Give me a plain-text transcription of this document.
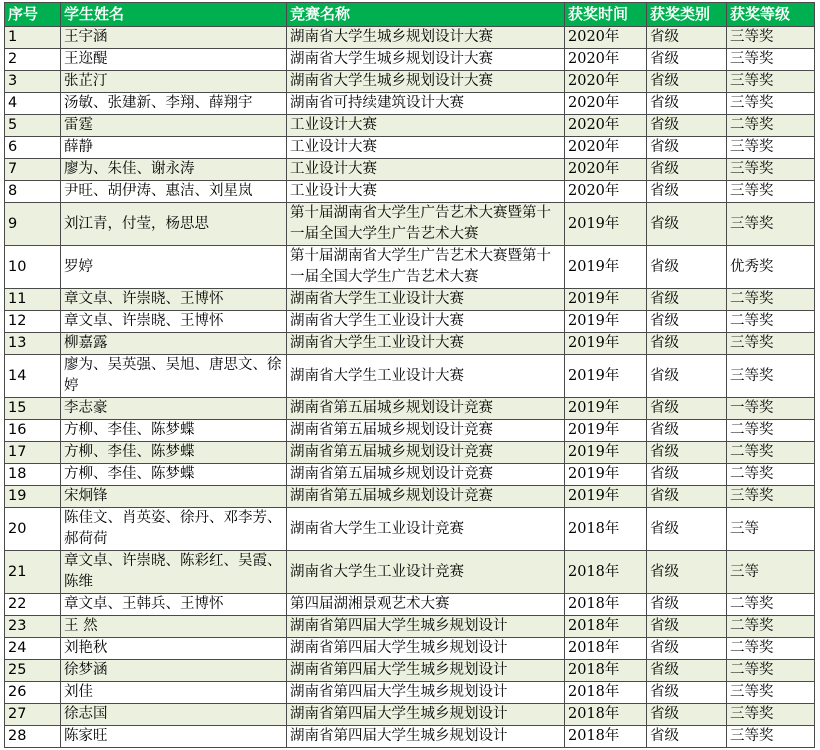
序号	学生姓名	竞赛名称	获奖时间	获奖类别	获奖等级
1	王宇涵	湖南省大学生城乡规划设计大赛	2020年	省级	三等奖
2	王迩醍	湖南省大学生城乡规划设计大赛	2020年	省级	三等奖
3	张芷汀	湖南省大学生城乡规划设计大赛	2020年	省级	三等奖
4	汤敏、张建新、李翔、薛翔宇	湖南省可持续建筑设计大赛	2020年	省级	三等奖
5	雷霆	工业设计大赛	2020年	省级	二等奖
6	薛静	工业设计大赛	2020年	省级	三等奖
7	廖为、朱佳、谢永涛	工业设计大赛	2020年	省级	三等奖
8	尹旺、胡伊涛、惠洁、刘星岚	工业设计大赛	2020年	省级	三等奖
9	刘江青，付莹，杨思思	第十届湖南省大学生广告艺术大赛暨第十一届全国大学生广告艺术大赛	2019年	省级	三等奖
10	罗婷	第十届湖南省大学生广告艺术大赛暨第十一届全国大学生广告艺术大赛	2019年	省级	优秀奖
11	章文卓、许崇晓、王博怀	湖南省大学生工业设计大赛	2019年	省级	二等奖
12	章文卓、许崇晓、王博怀	湖南省大学生工业设计大赛	2019年	省级	二等奖
13	柳嘉露	湖南省大学生工业设计大赛	2019年	省级	三等奖
14	廖为、吴英强、吴旭、唐思文、徐婷	湖南省大学生工业设计大赛	2019年	省级	三等奖
15	李志豪	湖南省第五届城乡规划设计竞赛	2019年	省级	一等奖
16	方柳、李佳、陈梦蝶	湖南省第五届城乡规划设计竞赛	2019年	省级	二等奖
17	方柳、李佳、陈梦蝶	湖南省第五届城乡规划设计竞赛	2019年	省级	二等奖
18	方柳、李佳、陈梦蝶	湖南省第五届城乡规划设计竞赛	2019年	省级	二等奖
19	宋炯锋	湖南省第五届城乡规划设计竞赛	2019年	省级	三等奖
20	陈佳文、肖英姿、徐丹、邓李芳、郝荷荷	湖南省大学生工业设计竞赛	2018年	省级	三等
21	章文卓、许崇晓、陈彩红、吴霞、陈维	湖南省大学生工业设计竞赛	2018年	省级	三等
22	章文卓、王韩兵、王博怀	第四届湖湘景观艺术大赛	2018年	省级	二等奖
23	王 然	湖南省第四届大学生城乡规划设计	2018年	省级	二等奖
24	刘艳秋	湖南省第四届大学生城乡规划设计	2018年	省级	二等奖
25	徐梦涵	湖南省第四届大学生城乡规划设计	2018年	省级	二等奖
26	刘佳	湖南省第四届大学生城乡规划设计	2018年	省级	三等奖
27	徐志国	湖南省第四届大学生城乡规划设计	2018年	省级	三等奖
28	陈家旺	湖南省第四届大学生城乡规划设计	2018年	省级	三等奖
